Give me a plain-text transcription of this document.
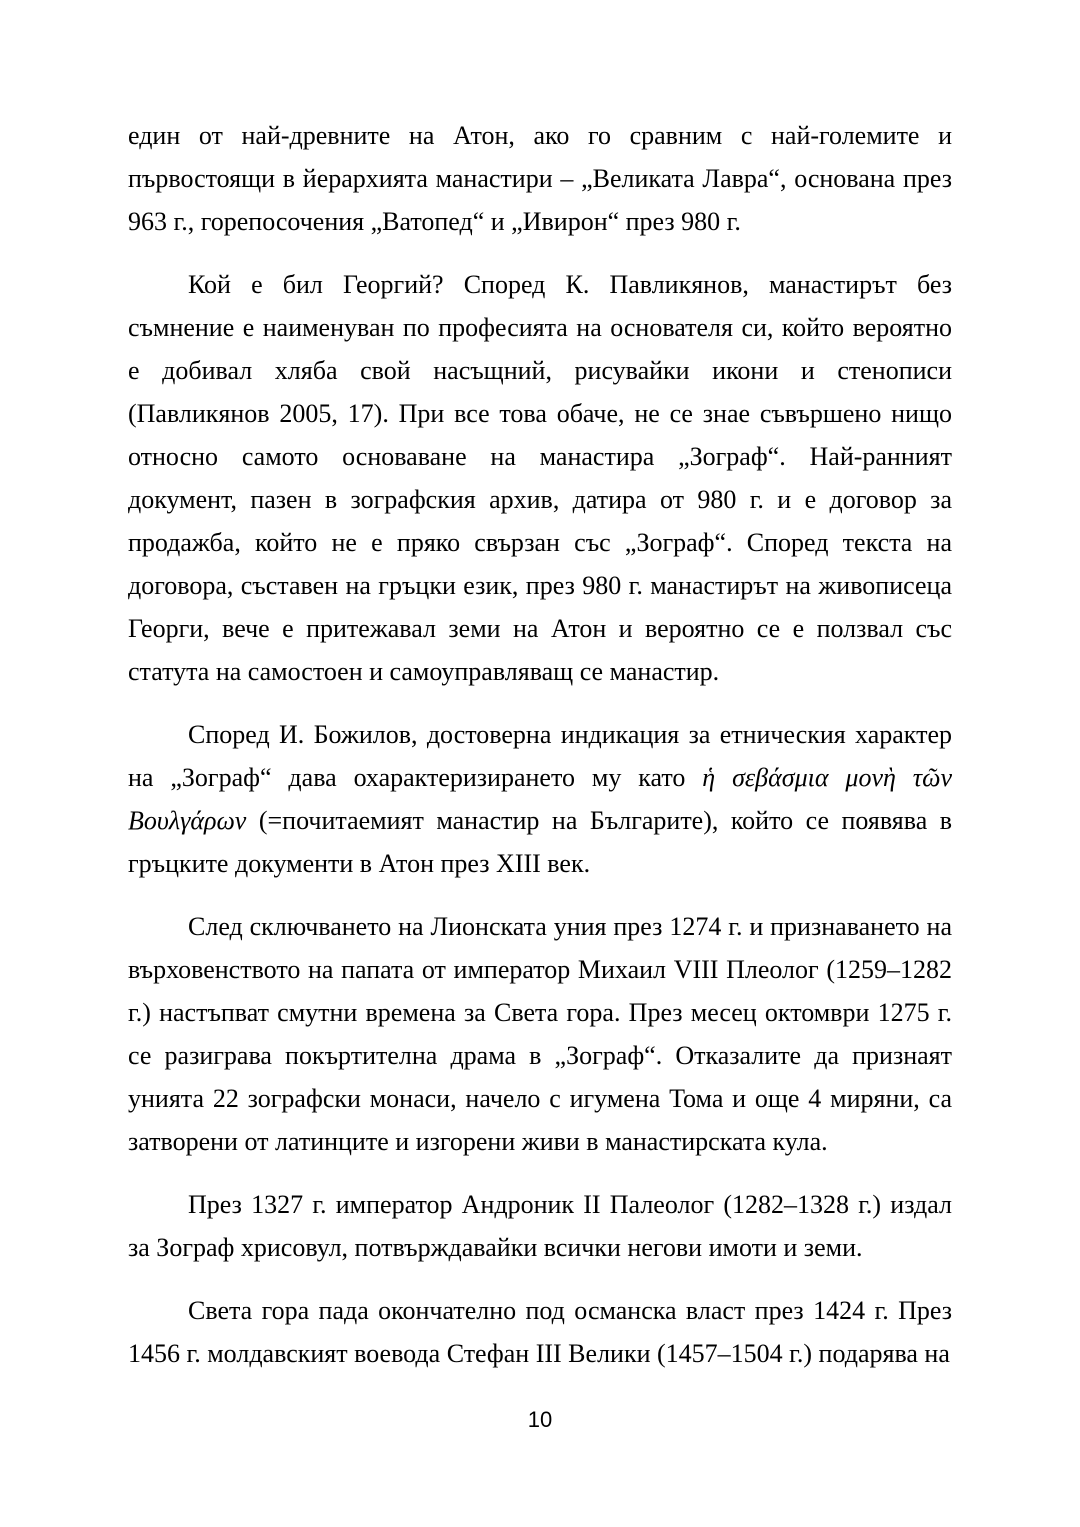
един от най-древните на Атон, ако го сравним с най-големите и първостоящи в йерархията манастири – „Великата Лавра“, основана през 963 г., горепосочения „Ватопед“ и „Ивирон“ през 980 г.

Кой е бил Георгий? Според К. Павликянов, манастирът без съмнение е наименуван по професията на основателя си, който вероятно е добивал хляба свой насъщний, рисувайки икони и стенописи (Павликянов 2005, 17). При все това обаче, не се знае съвършено нищо относно самото основаване на манастира „Зограф“. Най-ранният документ, пазен в зографския архив, датира от 980 г. и е договор за продажба, който не е пряко свързан със „Зограф“. Според текста на договора, съставен на гръцки език, през 980 г. манастирът на живописеца Георги, вече е притежавал земи на Атон и вероятно се е ползвал със статута на самостоен и самоуправляващ се манастир.

Според И. Божилов, достоверна индикация за етническия характер на „Зограф“ дава охарактеризирането му като ἡ σεβάσμια μονὴ τῶν Βουλγάρων (=почитаемият манастир на Българите), който се появява в гръцките документи в Атон през XIII век.

След сключването на Лионската уния през 1274 г. и признаването на върховенството на папата от император Михаил VIII Плеолог (1259–1282 г.) настъпват смутни времена за Света гора. През месец октомври 1275 г. се разиграва покъртителна драма в „Зограф“. Отказалите да признаят унията 22 зографски монаси, начело с игумена Тома и още 4 миряни, са затворени от латинците и изгорени живи в манастирската кула.

През 1327 г. император Андроник II Палеолог (1282–1328 г.) издал за Зограф хрисовул, потвърждавайки всички негови имоти и земи.

Света гора пада окончателно под османска власт през 1424 г. През 1456 г. молдавският воевода Стефан III Велики (1457–1504 г.) подарява на

10
